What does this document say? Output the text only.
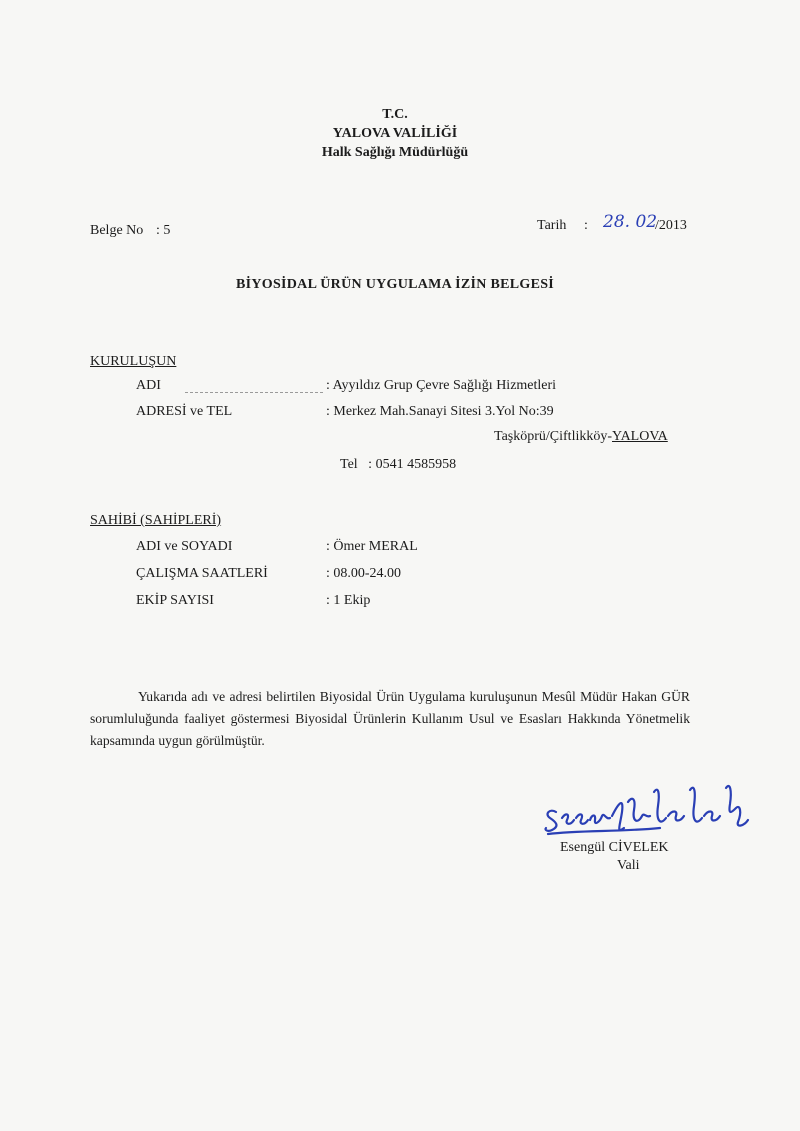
T.C.
YALOVA VALİLİĞİ
Halk Sağlığı Müdürlüğü
Belge No : 5	Tarih : 28. 02
/2013
BİYOSİDAL ÜRÜN UYGULAMA İZİN BELGESİ
KURULUŞUN
ADI	: Ayyıldız Grup Çevre Sağlığı Hizmetleri
ADRESİ ve TEL	: Merkez Mah.Sanayi Sitesi 3.Yol No:39
Taşköprü/Çiftlikköy-YALOVA
Tel   : 0541 4585958
SAHİBİ (SAHİPLERİ)
ADI ve SOYADI	: Ömer MERAL
ÇALIŞMA SAATLERİ	: 08.00-24.00
EKİP SAYISI	: 1 Ekip
Yukarıda adı ve adresi belirtilen Biyosidal Ürün Uygulama kuruluşunun Mesûl Müdür Hakan GÜR sorumluluğunda faaliyet göstermesi Biyosidal Ürünlerin Kullanım Usul ve Esasları Hakkında Yönetmelik kapsamında uygun görülmüştür.
Esengül CİVELEK
Vali
